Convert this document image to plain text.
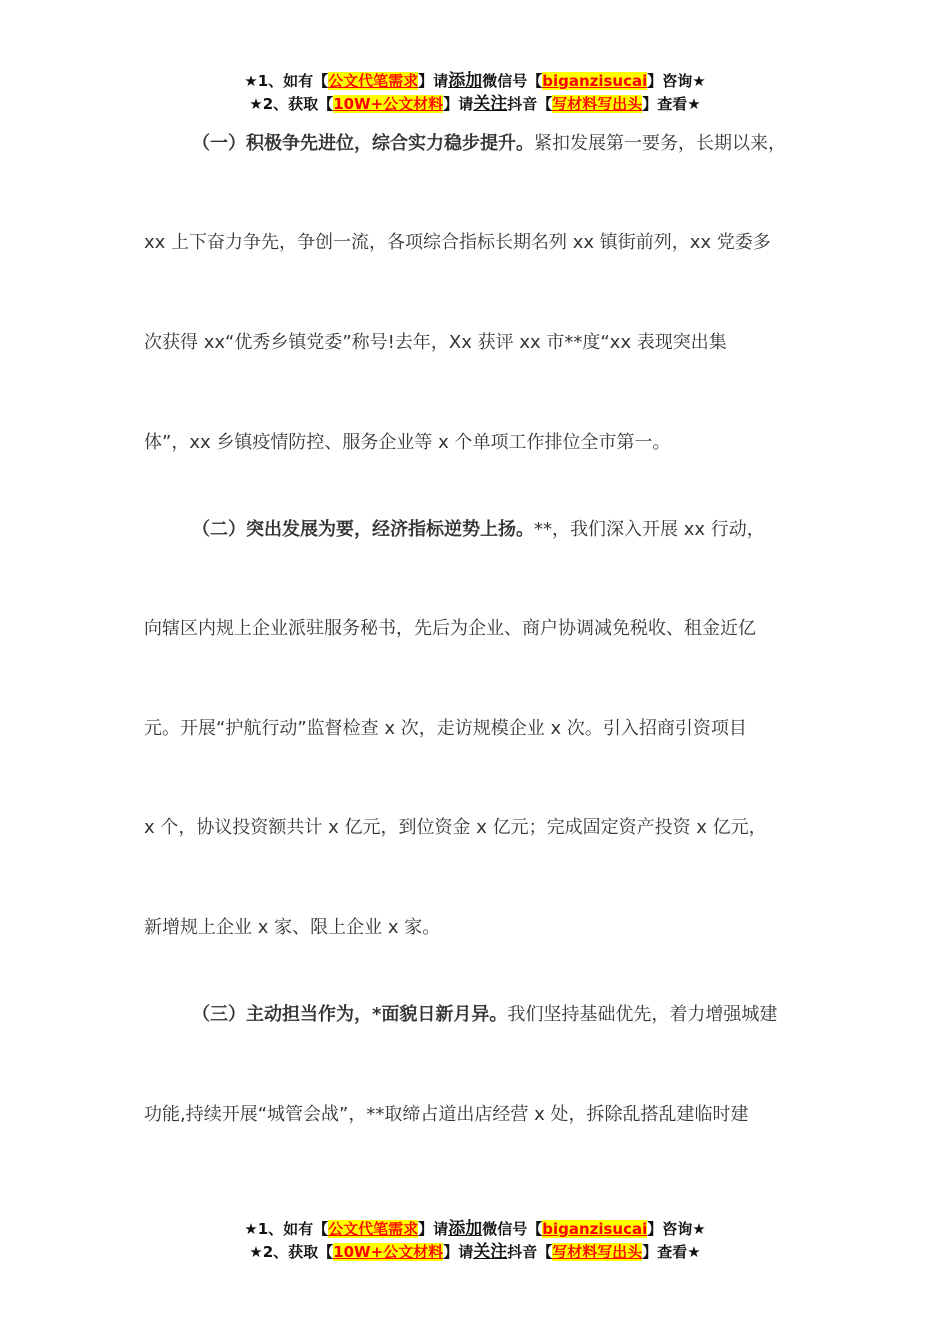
★1、如有【公文代笔需求】请添加微信号【biganzisucai】咨询★
★2、获取【10W+公文材料】请关注抖音【写材料写出头】查看★
（一）积极争先进位，综合实力稳步提升。紧扣发展第一要务，长期以来，
xx 上下奋力争先，争创一流，各项综合指标长期名列 xx 镇街前列，xx 党委多
次获得 xx“优秀乡镇党委”称号!去年，Xx 获评 xx 市**度“xx 表现突出集
体”，xx 乡镇疫情防控、服务企业等 x 个单项工作排位全市第一。
（二）突出发展为要，经济指标逆势上扬。**，我们深入开展 xx 行动，
向辖区内规上企业派驻服务秘书，先后为企业、商户协调减免税收、租金近亿
元。开展“护航行动”监督检查 x 次，走访规模企业 x 次。引入招商引资项目
x 个，协议投资额共计 x 亿元，到位资金 x 亿元；完成固定资产投资 x 亿元，
新增规上企业 x 家、限上企业 x 家。
（三）主动担当作为，*面貌日新月异。我们坚持基础优先，着力增强城建
功能,持续开展“城管会战”，**取缔占道出店经营 x 处，拆除乱搭乱建临时建
★1、如有【公文代笔需求】请添加微信号【biganzisucai】咨询★
★2、获取【10W+公文材料】请关注抖音【写材料写出头】查看★
